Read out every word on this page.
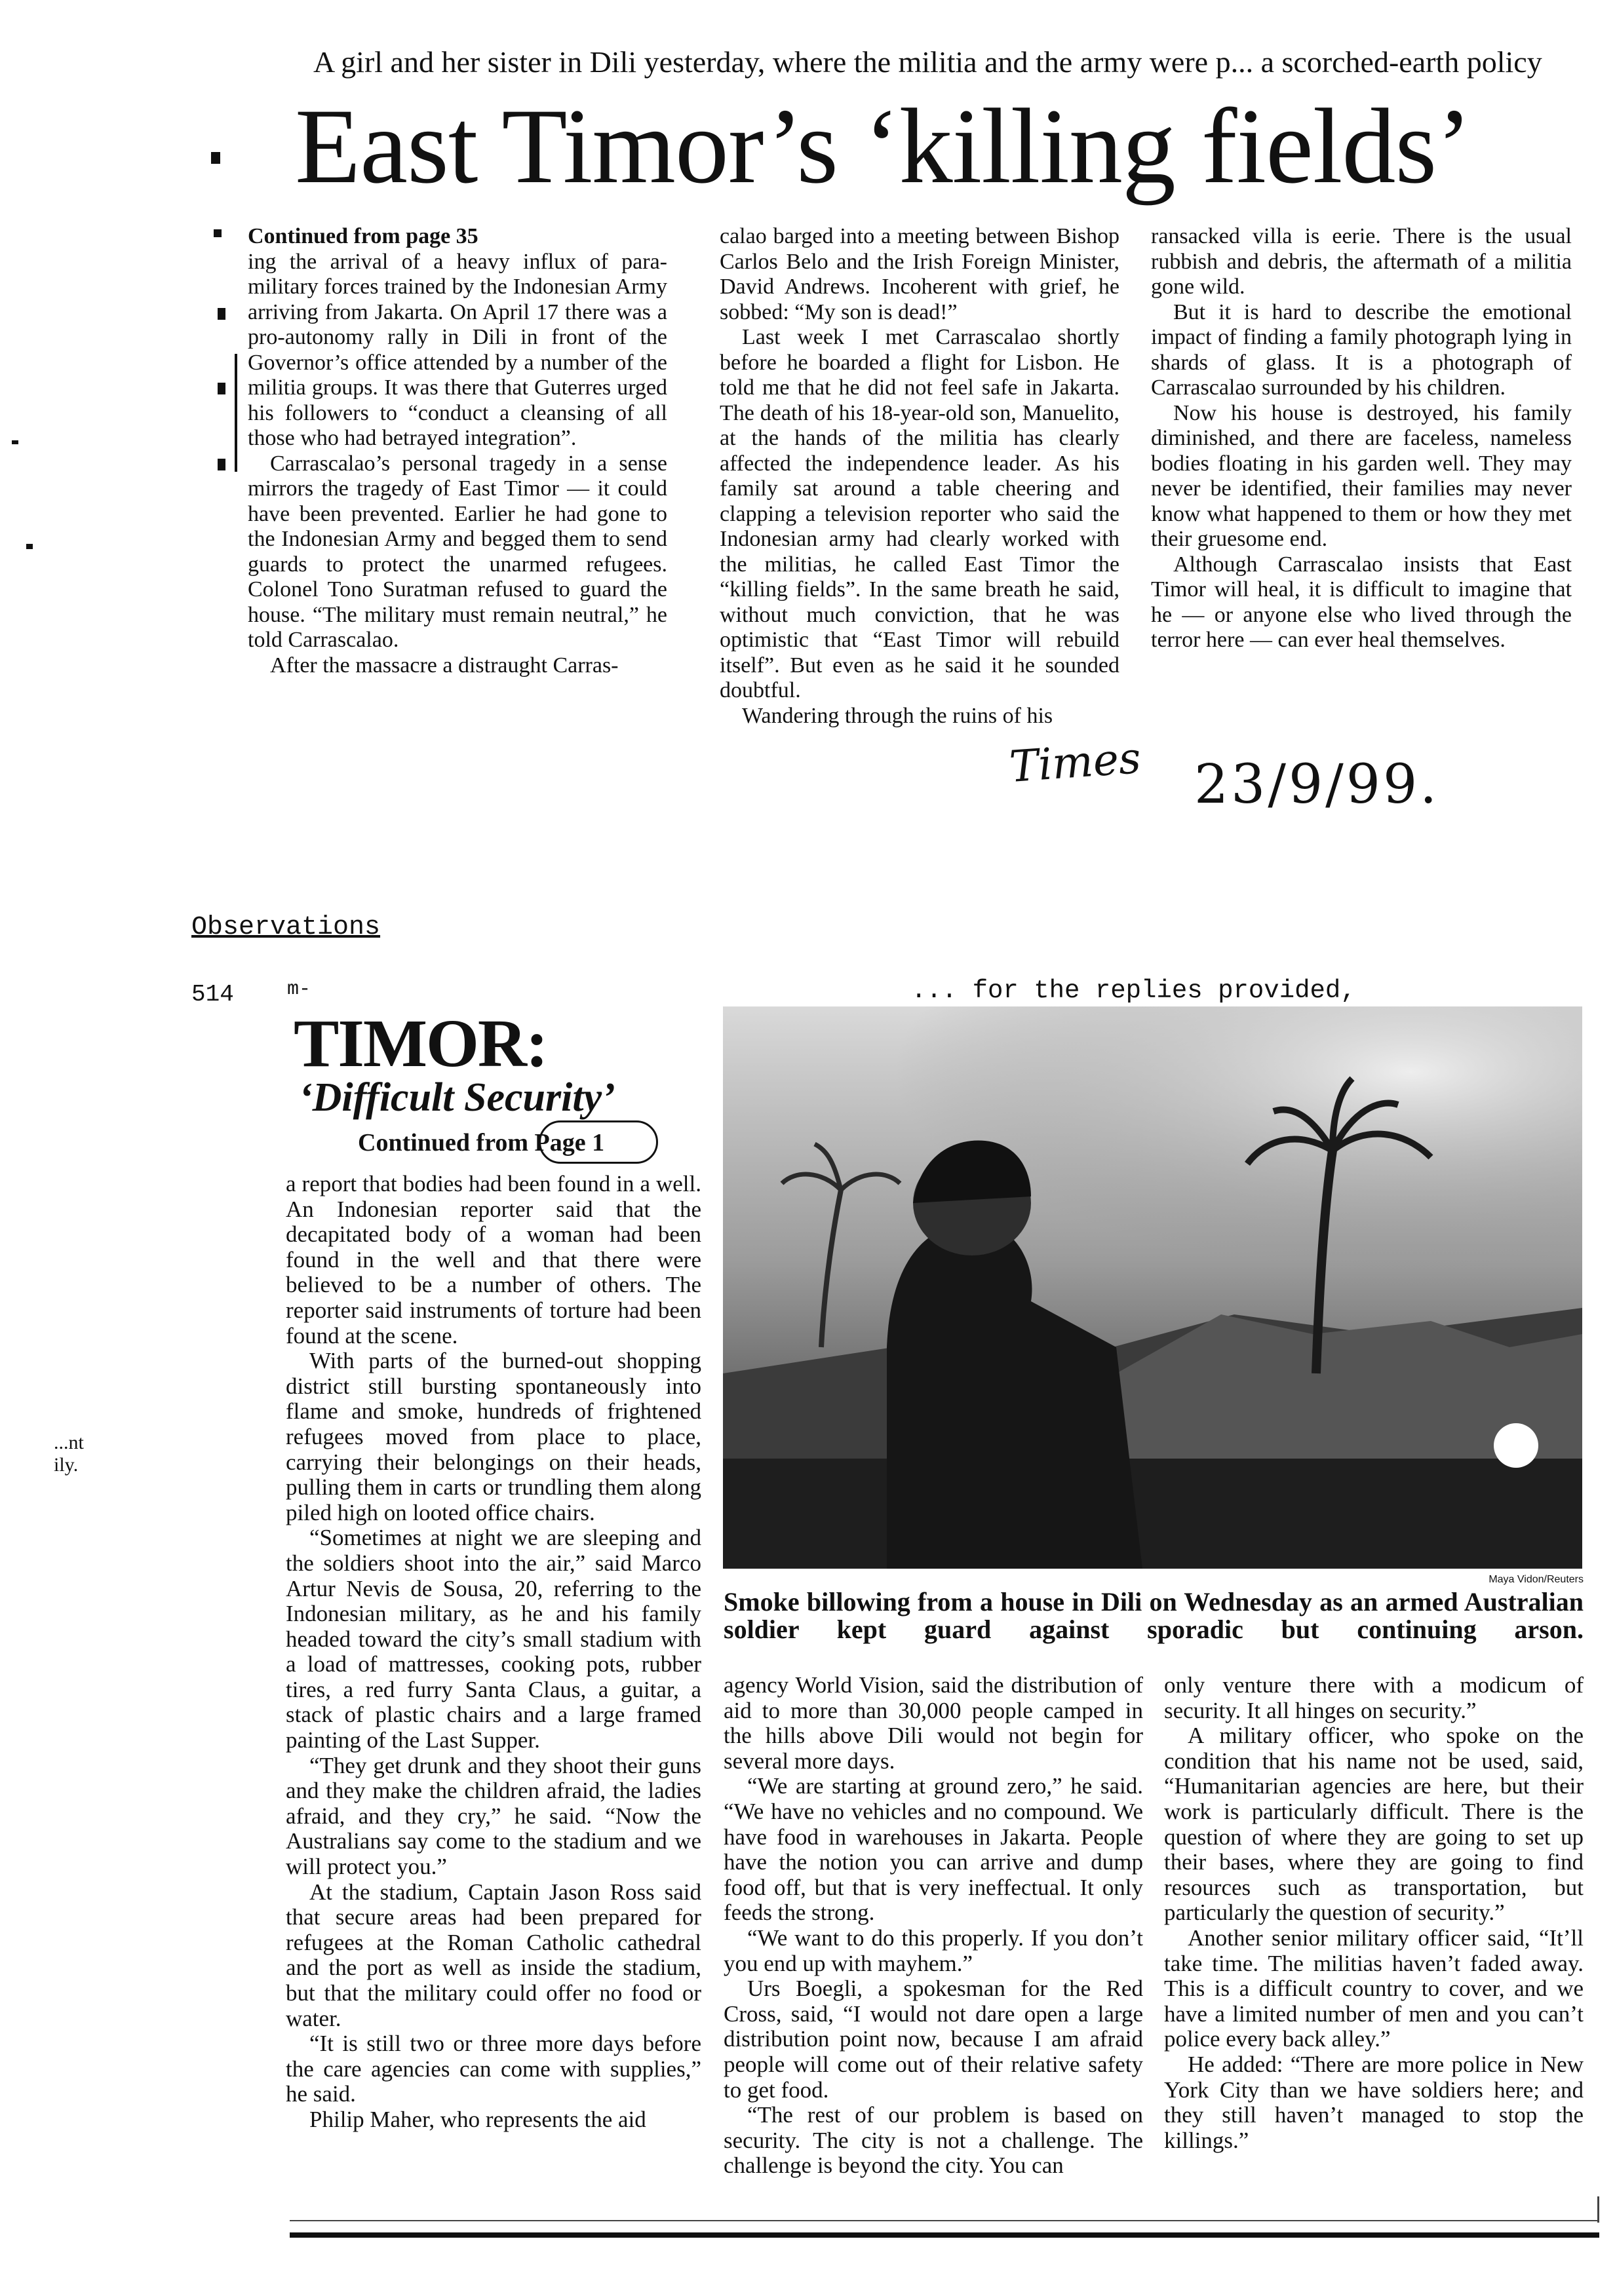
A girl and her sister in Dili yesterday, where the militia and the army were p... a scorched-earth policy
East Timor’s ‘killing fields’

Continued from page 35

ing the arrival of a heavy influx of para-military forces trained by the Indonesian Army arriving from Jakarta. On April 17 there was a pro-autonomy rally in Dili in front of the Governor’s office attended by a number of the militia groups. It was there that Guterres urged his followers to “conduct a cleansing of all those who had betrayed integration”.

Carrascalao’s personal tragedy in a sense mirrors the tragedy of East Timor — it could have been prevented. Earlier he had gone to the Indonesian Army and begged them to send guards to protect the unarmed refugees. Colonel Tono Suratman refused to guard the house. “The military must remain neutral,” he told Carrascalao.

After the massacre a distraught Carras-

calao barged into a meeting between Bishop Carlos Belo and the Irish Foreign Minister, David Andrews. Incoherent with grief, he sobbed: “My son is dead!”

Last week I met Carrascalao shortly before he boarded a flight for Lisbon. He told me that he did not feel safe in Jakarta. The death of his 18-year-old son, Manuelito, at the hands of the militia has clearly affected the independence leader. As his family sat around a table cheering and clapping a television reporter who said the Indonesian army had clearly worked with the militias, he called East Timor the “killing fields”. In the same breath he said, without much conviction, that he was optimistic that “East Timor will rebuild itself”. But even as he said it he sounded doubtful.

Wandering through the ruins of his

ransacked villa is eerie. There is the usual rubbish and debris, the aftermath of a militia gone wild.

But it is hard to describe the emotional impact of finding a family photograph lying in shards of glass. It is a photograph of Carrascalao surrounded by his children.

Now his house is destroyed, his family diminished, and there are faceless, nameless bodies floating in his garden well. They may never be identified, their families may never know what happened to them or how they met their gruesome end.

Although Carrascalao insists that East Timor will heal, it is difficult to imagine that he — or anyone else who lived through the terror here — can ever heal themselves.

Times 23/9/99.
Observations
514	m-	... for the replies provided,
...nt
ily.
TIMOR:
‘Difficult Security’
Continued from Page 1

a report that bodies had been found in a well. An Indonesian reporter said that the decapitated body of a woman had been found in the well and that there were believed to be a number of others. The reporter said instruments of torture had been found at the scene.

With parts of the burned-out shopping district still bursting spontaneously into flame and smoke, hundreds of frightened refugees moved from place to place, carrying their belongings on their heads, pulling them in carts or trundling them along piled high on looted office chairs.

“Sometimes at night we are sleeping and the soldiers shoot into the air,” said Marco Artur Nevis de Sousa, 20, referring to the Indonesian military, as he and his family headed toward the city’s small stadium with a load of mattresses, cooking pots, rubber tires, a red furry Santa Claus, a guitar, a stack of plastic chairs and a large framed painting of the Last Supper.

“They get drunk and they shoot their guns and they make the children afraid, the ladies afraid, and they cry,” he said. “Now the Australians say come to the stadium and we will protect you.”

At the stadium, Captain Jason Ross said that secure areas had been prepared for refugees at the Roman Catholic cathedral and the port as well as inside the stadium, but that the military could offer no food or water.

“It is still two or three more days before the care agencies can come with supplies,” he said.

Philip Maher, who represents the aid

Maya Vidon/Reuters
Smoke billowing from a house in Dili on Wednesday as an armed Australian soldier kept guard against sporadic but continuing arson.

agency World Vision, said the distribution of aid to more than 30,000 people camped in the hills above Dili would not begin for several more days.

“We are starting at ground zero,” he said. “We have no vehicles and no compound. We have food in warehouses in Jakarta. People have the notion you can arrive and dump food off, but that is very ineffectual. It only feeds the strong.

“We want to do this properly. If you don’t you end up with mayhem.”

Urs Boegli, a spokesman for the Red Cross, said, “I would not dare open a large distribution point now, because I am afraid people will come out of their relative safety to get food.

“The rest of our problem is based on security. The city is not a challenge. The challenge is beyond the city. You can

only venture there with a modicum of security. It all hinges on security.”

A military officer, who spoke on the condition that his name not be used, said, “Humanitarian agencies are here, but their work is particularly difficult. There is the question of where they are going to set up their bases, where they are going to find resources such as transportation, but particularly the question of security.”

Another senior military officer said, “It’ll take time. The militias haven’t faded away. This is a difficult country to cover, and we have a limited number of men and you can’t police every back alley.”

He added: “There are more police in New York City than we have soldiers here; and they still haven’t managed to stop the killings.”
